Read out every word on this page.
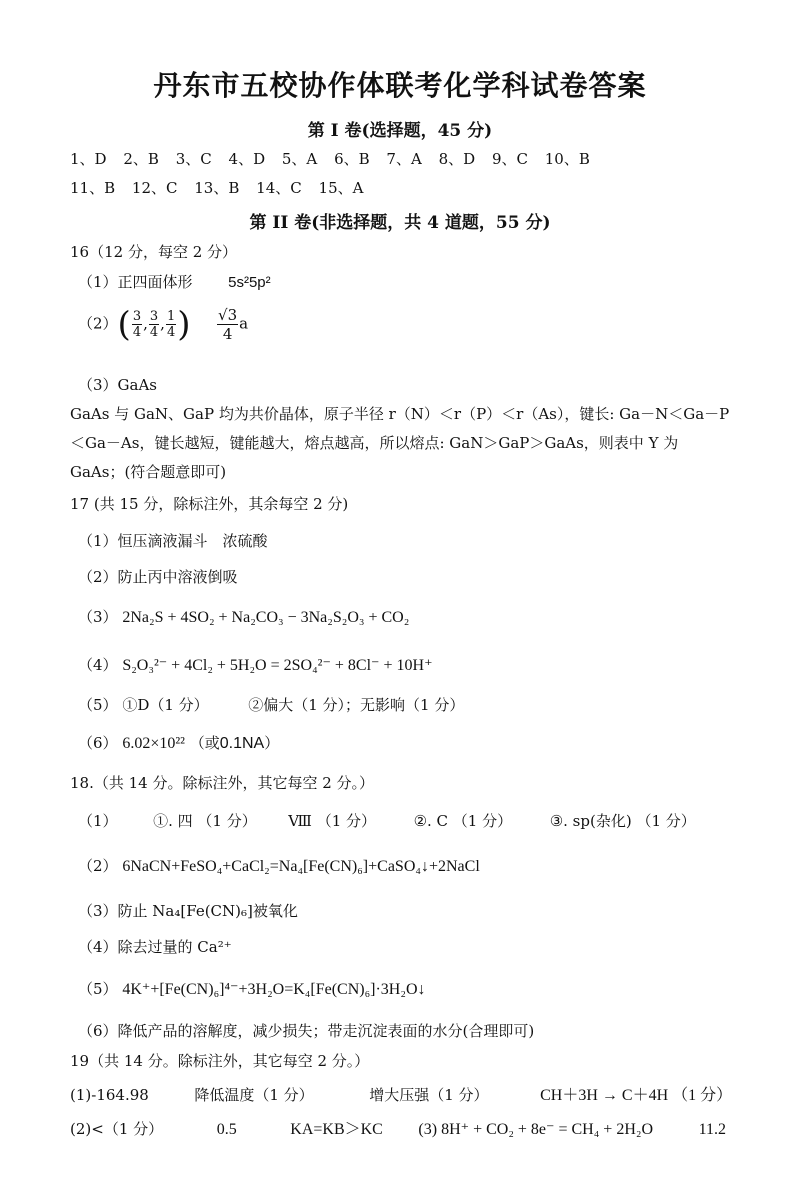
丹东市五校协作体联考化学科试卷答案
第 I 卷(选择题，45 分)
1、D 2、B 3、C 4、D 5、A 6、B 7、A 8、D 9、C 10、B
11、B 12、C 13、B 14、C 15、A
第 II 卷(非选择题，共 4 道题，55 分)
16（12 分，每空 2 分）
（1）正四面体形 5s²5p²
$(2)( \frac{3}{4}$ , $\frac{3}{4}$ , $\frac{1}{4}$ ) $\frac{√3}{4}$ a
（3）GaAs
GaAs 与 GaN、GaP 均为共价晶体，原子半径 r（N）＜r（P）＜r（As），键长: Ga－N＜Ga－P＜Ga－As，键长越短，键能越大，熔点越高，所以熔点: GaN＞GaP＞GaAs，则表中 Y 为 GaAs；(符合题意即可)
17 (共 15 分，除标注外，其余每空 2 分)
（1）恒压滴液漏斗　浓硫酸
（2）防止丙中溶液倒吸
（3） 2Na₂S + 4SO₂ + Na₂CO₃ − 3Na₂S₂O₃ + CO₂
（4） S₂O₃²⁻ + 4Cl₂ + 5H₂O = 2SO₄²⁻ + 8Cl⁻ + 10H⁺
（5） ①D（1 分）	②偏大（1 分）；无影响（1 分）
（6） 6.02×10²² （或0.1NA）
18.（共 14 分。除标注外，其它每空 2 分。）
（1） ①. 四 （1 分） Ⅷ （1 分）	②. C （1 分）	③. sp(杂化) （1 分）
（2） 6NaCN+FeSO₄+CaCl₂=Na₄[Fe(CN)₆]+CaSO₄↓+2NaCl
（3）防止 Na₄[Fe(CN)₆]被氧化
（4）除去过量的 Ca²⁺
（5） 4K⁺+[Fe(CN)₆]⁴⁻+3H₂O=K₄[Fe(CN)₆]·3H₂O↓
（6）降低产品的溶解度，减少损失；带走沉淀表面的水分(合理即可)
19（共 14 分。除标注外，其它每空 2 分。）
(1)-164.98	降低温度（1 分）	增大压强（1 分）	CH＋3H → C＋4H （1 分）
(2)<（1 分）	0.5	KA=KB＞KC (3) 8H⁺ + CO₂ + 8e⁻ = CH₄ + 2H₂O	11.2
